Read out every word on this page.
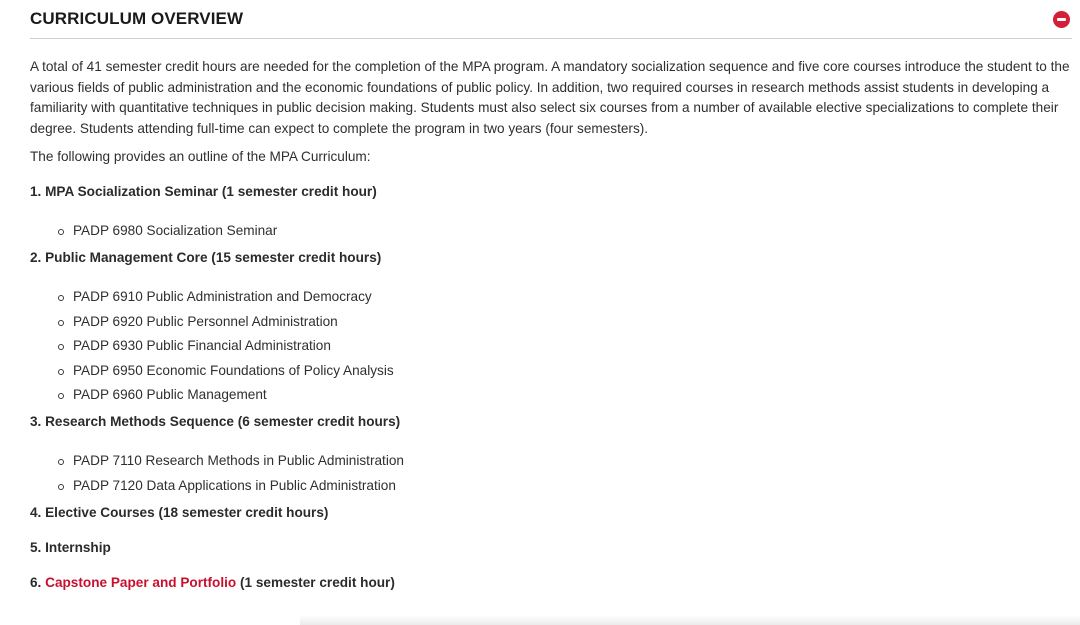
CURRICULUM OVERVIEW

A total of 41 semester credit hours are needed for the completion of the MPA program. A mandatory socialization sequence and five core courses introduce the student to the various fields of public administration and the economic foundations of public policy. In addition, two required courses in research methods assist students in developing a familiarity with quantitative techniques in public decision making. Students must also select six courses from a number of available elective specializations to complete their degree. Students attending full-time can expect to complete the program in two years (four semesters).

The following provides an outline of the MPA Curriculum:

1. MPA Socialization Seminar (1 semester credit hour)
PADP 6980 Socialization Seminar
2. Public Management Core (15 semester credit hours)
PADP 6910 Public Administration and Democracy
PADP 6920 Public Personnel Administration
PADP 6930 Public Financial Administration
PADP 6950 Economic Foundations of Policy Analysis
PADP 6960 Public Management
3. Research Methods Sequence (6 semester credit hours)
PADP 7110 Research Methods in Public Administration
PADP 7120 Data Applications in Public Administration
4. Elective Courses (18 semester credit hours)
5. Internship
6. Capstone Paper and Portfolio (1 semester credit hour)
